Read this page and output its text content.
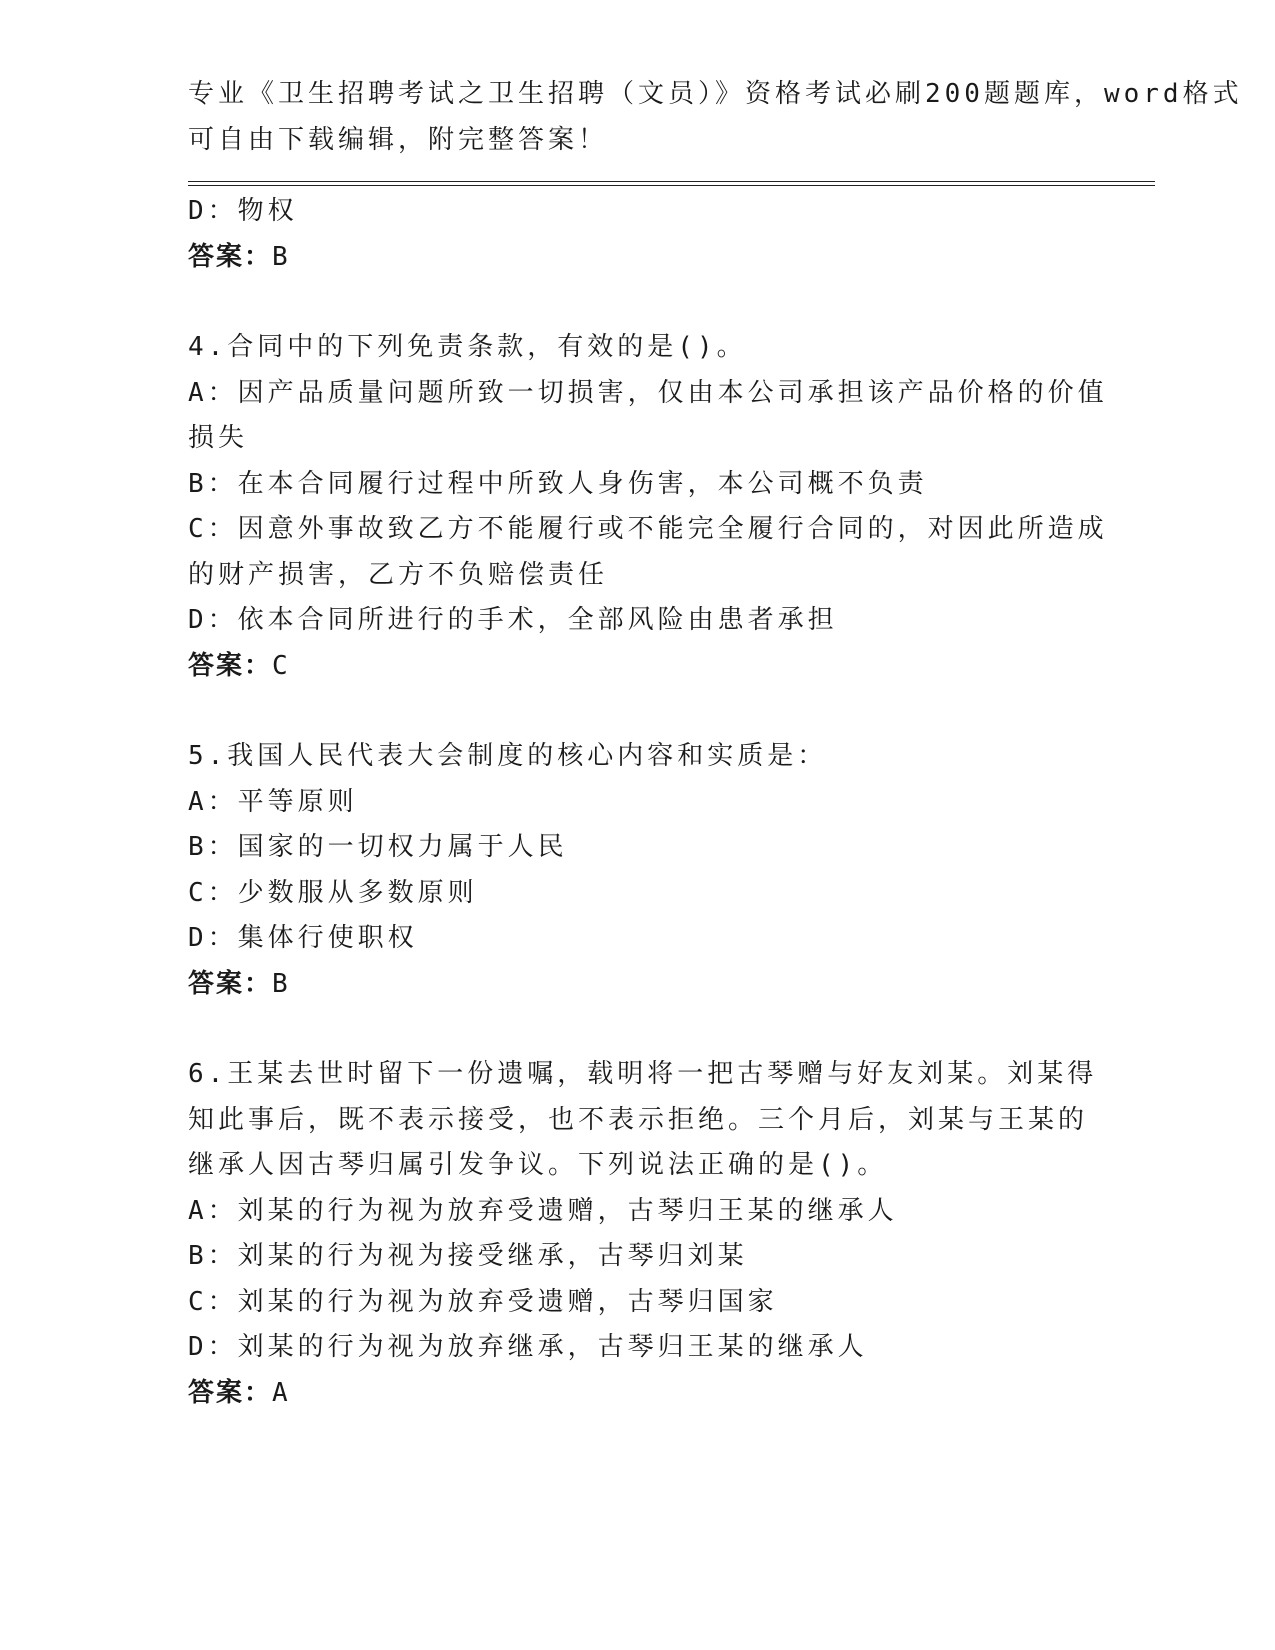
专业《卫生招聘考试之卫生招聘（文员）》资格考试必刷200题题库，word格式
可自由下载编辑，附完整答案！
D：物权
答案：B
4.合同中的下列免责条款，有效的是()。
A：因产品质量问题所致一切损害，仅由本公司承担该产品价格的价值
损失
B：在本合同履行过程中所致人身伤害，本公司概不负责
C：因意外事故致乙方不能履行或不能完全履行合同的，对因此所造成
的财产损害，乙方不负赔偿责任
D：依本合同所进行的手术，全部风险由患者承担
答案：C
5.我国人民代表大会制度的核心内容和实质是：
A：平等原则
B：国家的一切权力属于人民
C：少数服从多数原则
D：集体行使职权
答案：B
6.王某去世时留下一份遗嘱，载明将一把古琴赠与好友刘某。刘某得
知此事后，既不表示接受，也不表示拒绝。三个月后，刘某与王某的
继承人因古琴归属引发争议。下列说法正确的是()。
A：刘某的行为视为放弃受遗赠，古琴归王某的继承人
B：刘某的行为视为接受继承，古琴归刘某
C：刘某的行为视为放弃受遗赠，古琴归国家
D：刘某的行为视为放弃继承，古琴归王某的继承人
答案：A
